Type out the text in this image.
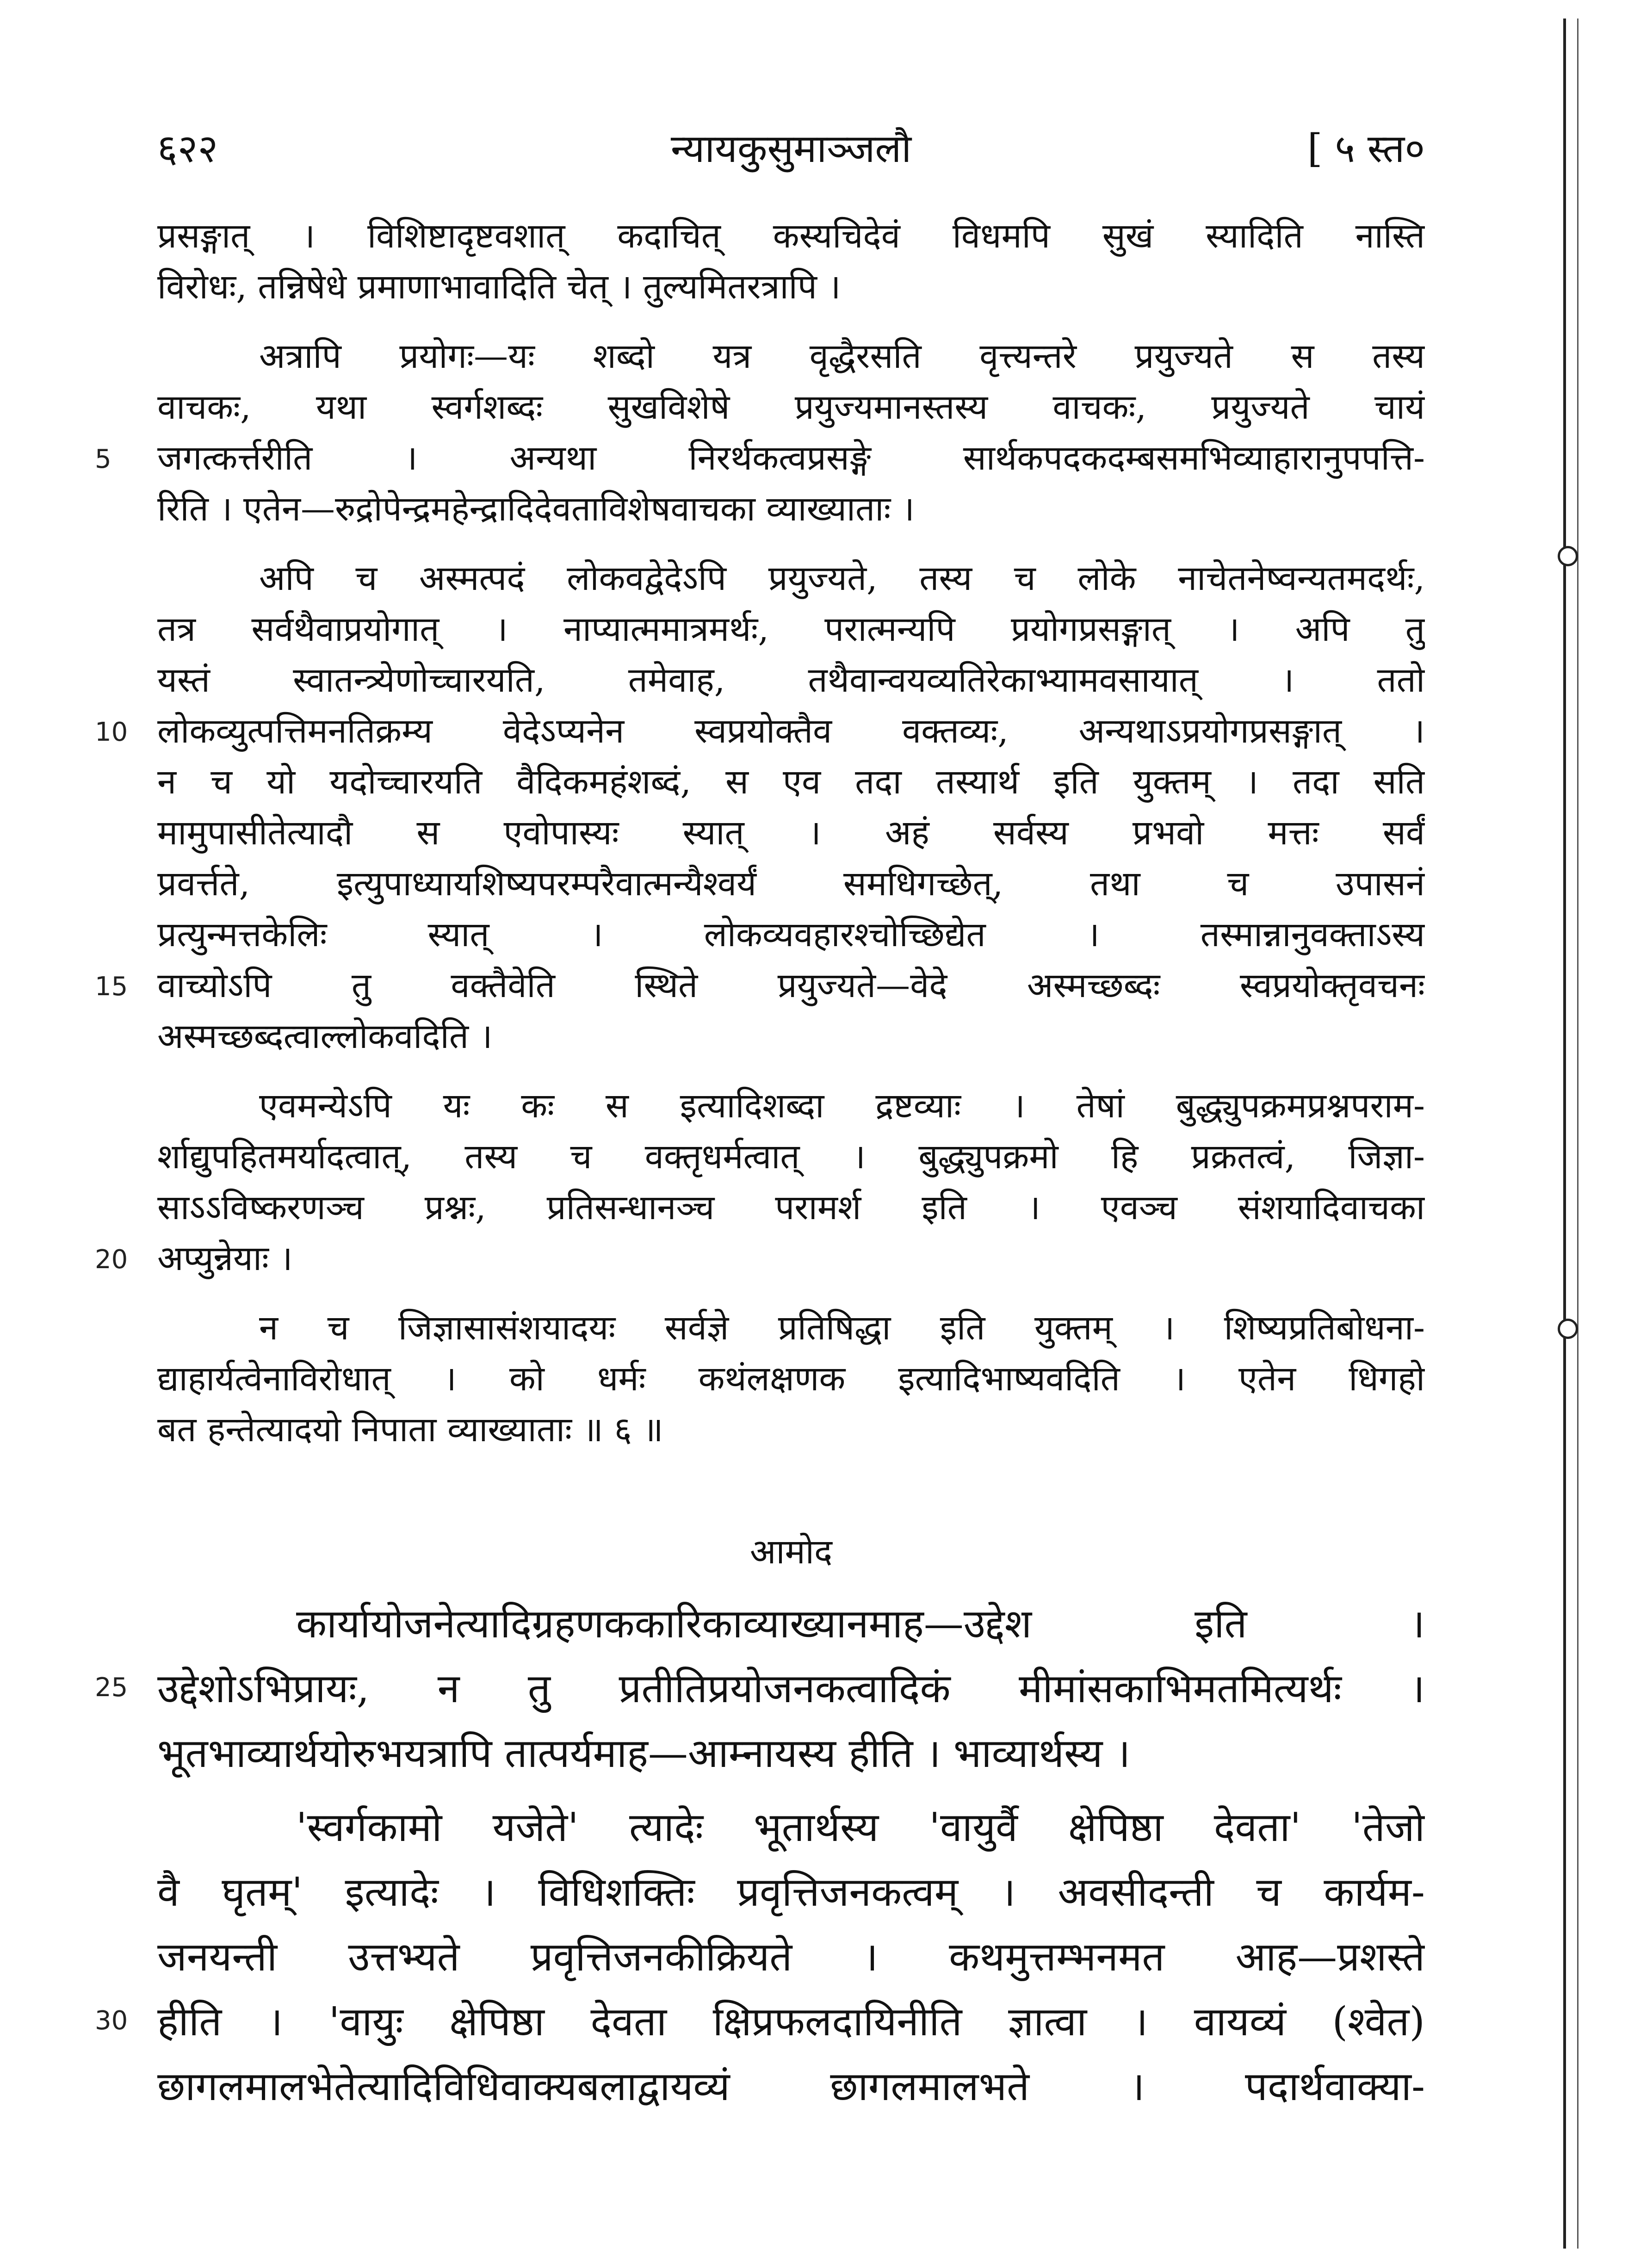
६२२	न्यायकुसुमाञ्जलौ	[ ५ स्त०
प्रसङ्गात् । विशिष्टादृष्टवशात् कदाचित् कस्यचिदेवं विधमपि सुखं स्यादिति नास्ति
विरोधः, तन्निषेधे प्रमाणाभावादिति चेत् । तुल्यमितरत्रापि ।
अत्रापि प्रयोगः—यः शब्दो यत्र वृद्धैरसति वृत्त्यन्तरे प्रयुज्यते स तस्य
वाचकः, यथा स्वर्गशब्दः सुखविशेषे प्रयुज्यमानस्तस्य वाचकः, प्रयुज्यते चायं
जगत्कर्त्तरीति । अन्यथा निरर्थकत्वप्रसङ्गे सार्थकपदकदम्बसमभिव्याहारानुपपत्ति-
रिति । एतेन—रुद्रोपेन्द्रमहेन्द्रादिदेवताविशेषवाचका व्याख्याताः ।
अपि च अस्मत्पदं लोकवद्वेदेऽपि प्रयुज्यते, तस्य च लोके नाचेतनेष्वन्यतमदर्थः,
तत्र सर्वथैवाप्रयोगात् । नाप्यात्ममात्रमर्थः, परात्मन्यपि प्रयोगप्रसङ्गात् । अपि तु
यस्तं स्वातन्त्र्येणोच्चारयति, तमेवाह, तथैवान्वयव्यतिरेकाभ्यामवसायात् । ततो
लोकव्युत्पत्तिमनतिक्रम्य वेदेऽप्यनेन स्वप्रयोक्तैव वक्तव्यः, अन्यथाऽप्रयोगप्रसङ्गात् ।
न च यो यदोच्चारयति वैदिकमहंशब्दं, स एव तदा तस्यार्थ इति युक्तम् । तदा सति
मामुपासीतेत्यादौ स एवोपास्यः स्यात् । अहं सर्वस्य प्रभवो मत्तः सर्वं
प्रवर्त्तते, इत्युपाध्यायशिष्यपरम्परैवात्मन्यैश्वर्यं समधिगच्छेत्, तथा च उपासनं
प्रत्युन्मत्तकेलिः स्यात् । लोकव्यवहारश्चोच्छिद्येत । तस्मान्नानुवक्ताऽस्य
वाच्योऽपि तु वक्तैवेति स्थिते प्रयुज्यते—वेदे अस्मच्छब्दः स्वप्रयोक्तृवचनः
अस्मच्छब्दत्वाल्लोकवदिति ।
एवमन्येऽपि यः कः स इत्यादिशब्दा द्रष्टव्याः । तेषां बुद्ध्युपक्रमप्रश्नपराम-
र्शाद्युपहितमर्यादत्वात्, तस्य च वक्तृधर्मत्वात् । बुद्ध्युपक्रमो हि प्रक्रतत्वं, जिज्ञा-
साऽऽविष्करणञ्च प्रश्नः, प्रतिसन्धानञ्च परामर्श इति । एवञ्च संशयादिवाचका
अप्युन्नेयाः ।
न च जिज्ञासासंशयादयः सर्वज्ञे प्रतिषिद्धा इति युक्तम् । शिष्यप्रतिबोधना-
द्याहार्यत्वेनाविरोधात् । को धर्मः कथंलक्षणक इत्यादिभाष्यवदिति । एतेन धिगहो
बत हन्तेत्यादयो निपाता व्याख्याताः ॥ ६ ॥
5
10
15
20
आमोद
कार्यायोजनेत्यादिग्रहणककारिकाव्याख्यानमाह—उद्देश इति ।
उद्देशोऽभिप्रायः, न तु प्रतीतिप्रयोजनकत्वादिकं मीमांसकाभिमतमित्यर्थः ।
भूतभाव्यार्थयोरुभयत्रापि तात्पर्यमाह—आम्नायस्य हीति । भाव्यार्थस्य ।
'स्वर्गकामो यजेते' त्यादेः भूतार्थस्य 'वायुर्वै क्षेपिष्ठा देवता' 'तेजो
वै घृतम्' इत्यादेः । विधिशक्तिः प्रवृत्तिजनकत्वम् । अवसीदन्ती च कार्यम-
जनयन्ती उत्तभ्यते प्रवृत्तिजनकीक्रियते । कथमुत्तम्भनमत आह—प्रशस्ते
हीति । 'वायुः क्षेपिष्ठा देवता क्षिप्रफलदायिनीति ज्ञात्वा । वायव्यं (श्वेत)
छागलमालभेतेत्यादिविधिवाक्यबलाद्वायव्यं छागलमालभते । पदार्थवाक्या-
25
30
